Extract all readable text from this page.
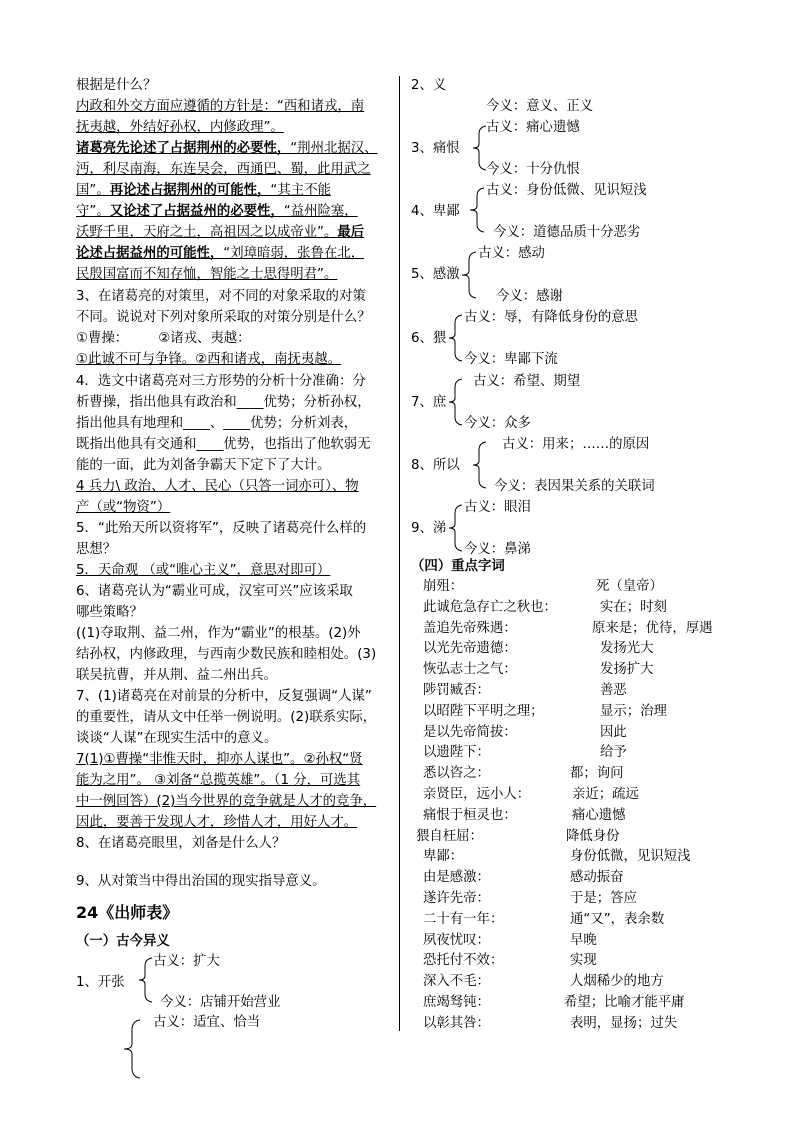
根据是什么？
内政和外交方面应遵循的方针是：“西和诸戎，南
抚夷越，外结好孙权，内修政理”。
诸葛亮先论述了占据荆州的必要性，“荆州北据汉、
沔，利尽南海，东连吴会，西通巴、蜀，此用武之
国”。再论述占据荆州的可能性，“其主不能
守”。又论述了占据益州的必要性，“益州险塞，
沃野千里，天府之土，高祖因之以成帝业”。最后
论述占据益州的可能性，“刘璋暗弱，张鲁在北，
民殷国富而不知存恤，智能之士思得明君”。
3、在诸葛亮的对策里，对不同的对象采取的对策
不同。说说对下列对象所采取的对策分别是什么？
①曹操： ②诸戎、夷越：
①此诚不可与争锋。②西和诸戎，南抚夷越。
4．选文中诸葛亮对三方形势的分析十分准确：分
析曹操，指出他具有政治和____优势；分析孙权，
指出他具有地理和____、____优势；分析刘表，
既指出他具有交通和____优势，也指出了他软弱无
能的一面，此为刘备争霸天下定下了大计。
4 兵力\ 政治、人才、民心（只答一词亦可）、物
产（或“物资”）
5．“此殆天所以资将军”，反映了诸葛亮什么样的
思想？
5．天命观 （或“唯心主义”，意思对即可）
6、诸葛亮认为“霸业可成，汉室可兴”应该采取
哪些策略？
((1)夺取荆、益二州，作为“霸业”的根基。(2)外
结孙权，内修政理，与西南少数民族和睦相处。(3)
联吴抗曹，并从荆、益二州出兵。
7、(1)诸葛亮在对前景的分析中，反复强调“人谋”
的重要性，请从文中任举一例说明。(2)联系实际，
谈谈“人谋”在现实生活中的意义。
7(1)①曹操“非惟天时，抑亦人谋也”。②孙权“贤
能为之用”。 ③刘备“总揽英雄”。（1 分，可选其
中一例回答）(2)当今世界的竞争就是人才的竞争，
因此，要善于发现人才，珍惜人才，用好人才。
8、在诸葛亮眼里，刘备是什么人？
9、从对策当中得出治国的现实指导意义。
24《出师表》
（一）古今异义
古义：扩大
1、开张
今义：店铺开始营业
古义：适宜、恰当
2、义
今义：意义、正义
古义：痛心遗憾
3、痛恨
今义：十分仇恨
古义：身份低微、见识短浅
4、卑鄙
今义：道德品质十分恶劣
古义：感动
5、感激
今义：感谢
古义：辱，有降低身份的意思
6、猥
今义：卑鄙下流
古义：希望、期望
7、庶
今义：众多
古义：用来；……的原因
8、所以
今义：表因果关系的关联词
古义：眼泪
9、涕
今义：鼻涕
（四）重点字词
崩殂：	死（皇帝）
此诚危急存亡之秋也：	实在；时刻
盖追先帝殊遇：	原来是；优待，厚遇
以光先帝遗德：	发扬光大
恢弘志士之气：	发扬扩大
陟罚臧否：	善恶
以昭陛下平明之理；	显示；治理
是以先帝简拔：	因此
以遗陛下：	给予
悉以咨之：	都；询问
亲贤臣，远小人：	亲近；疏远
痛恨于桓灵也：	痛心遗憾
猥自枉屈：	降低身份
卑鄙：	身份低微，见识短浅
由是感激：	感动振奋
遂许先帝：	于是；答应
二十有一年：	通“又”，表余数
夙夜忧叹：	早晚
恐托付不效：	实现
深入不毛：	人烟稀少的地方
庶竭驽钝：	希望；比喻才能平庸
以彰其咎：	表明，显扬；过失
